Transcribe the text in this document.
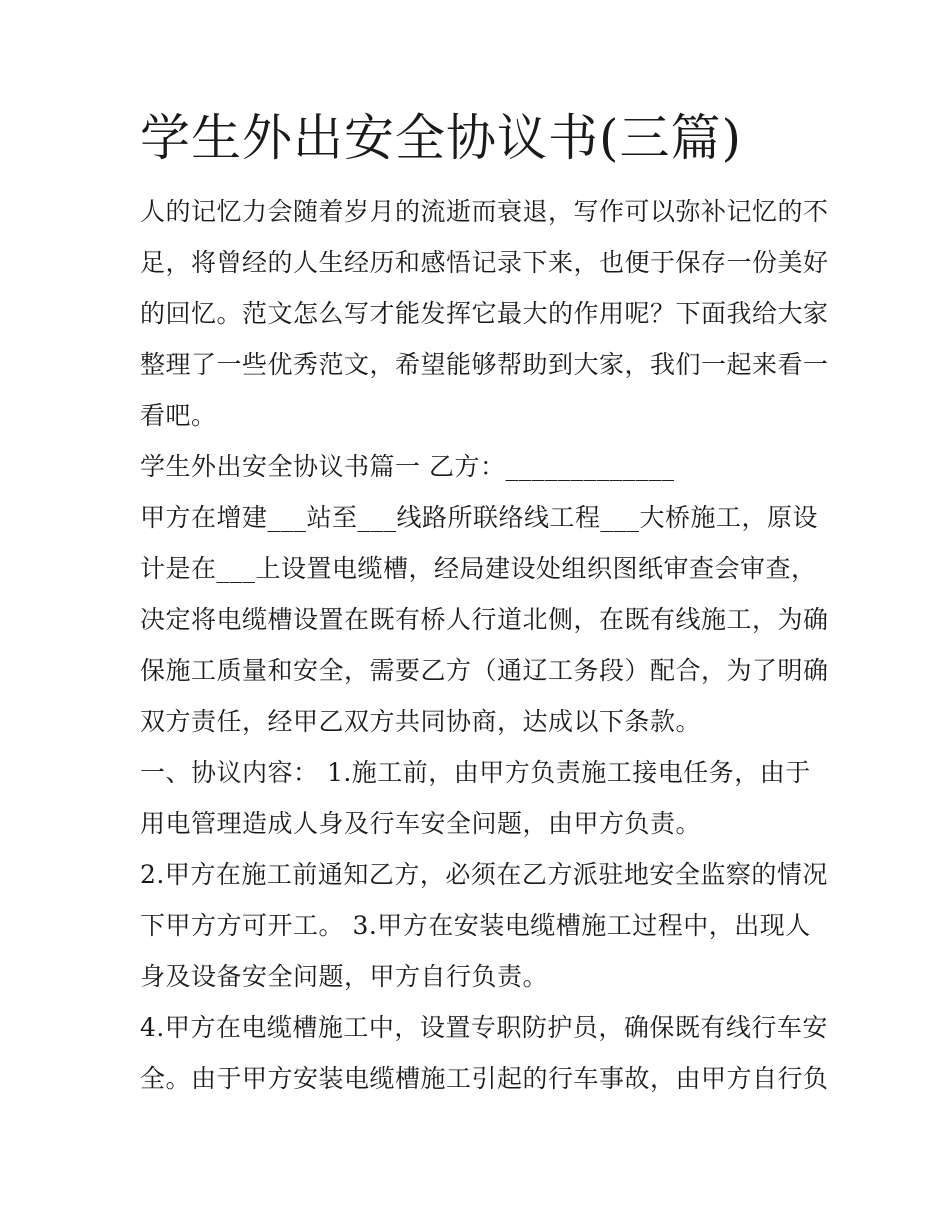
学生外出安全协议书(三篇)

人的记忆力会随着岁月的流逝而衰退，写作可以弥补记忆的不足，将曾经的人生经历和感悟记录下来，也便于保存一份美好的回忆。范文怎么写才能发挥它最大的作用呢？下面我给大家整理了一些优秀范文，希望能够帮助到大家，我们一起来看一看吧。

学生外出安全协议书篇一 乙方：_____________

甲方在增建___站至___线路所联络线工程___大桥施工，原设计是在___上设置电缆槽，经局建设处组织图纸审查会审查，决定将电缆槽设置在既有桥人行道北侧，在既有线施工，为确保施工质量和安全，需要乙方（通辽工务段）配合，为了明确双方责任，经甲乙双方共同协商，达成以下条款。

一、协议内容： 1.施工前，由甲方负责施工接电任务，由于用电管理造成人身及行车安全问题，由甲方负责。

2.甲方在施工前通知乙方，必须在乙方派驻地安全监察的情况下甲方方可开工。 3.甲方在安装电缆槽施工过程中，出现人身及设备安全问题，甲方自行负责。

4.甲方在电缆槽施工中，设置专职防护员，确保既有线行车安全。由于甲方安装电缆槽施工引起的行车事故，由甲方自行负
